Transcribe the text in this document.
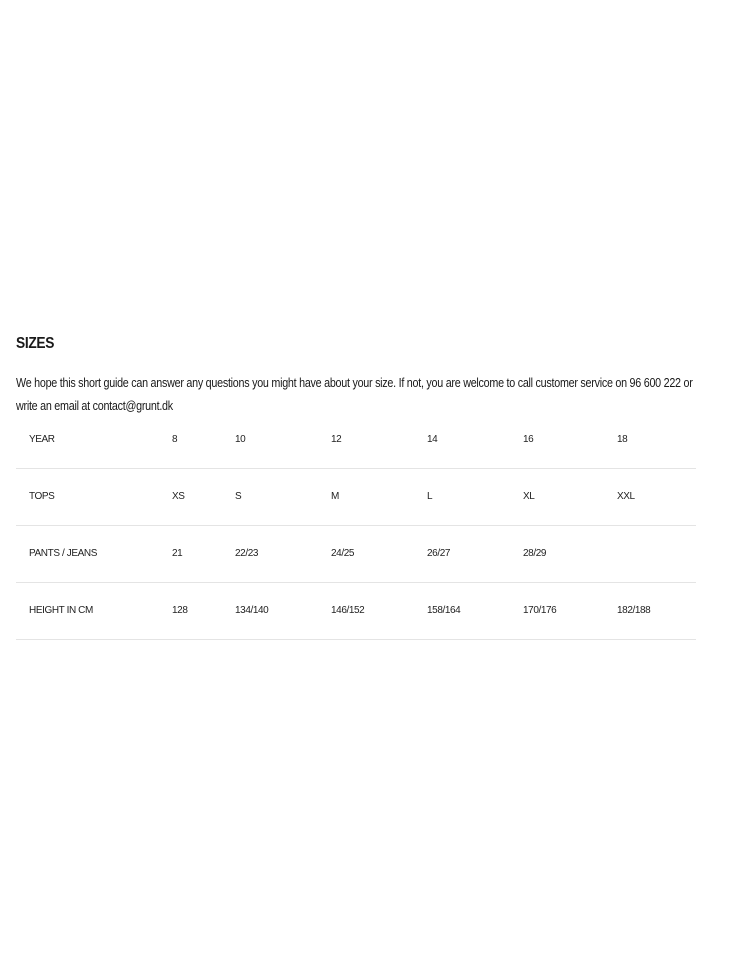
SIZES

We hope this short guide can answer any questions you might have about your size. If not, you are welcome to call customer service on 96 600 222 or write an email at contact@grunt.dk

YEAR	8	10	12	14	16	18
TOPS	XS	S	M	L	XL	XXL
PANTS / JEANS	21	22/23	24/25	26/27	28/29	
HEIGHT IN CM	128	134/140	146/152	158/164	170/176	182/188
